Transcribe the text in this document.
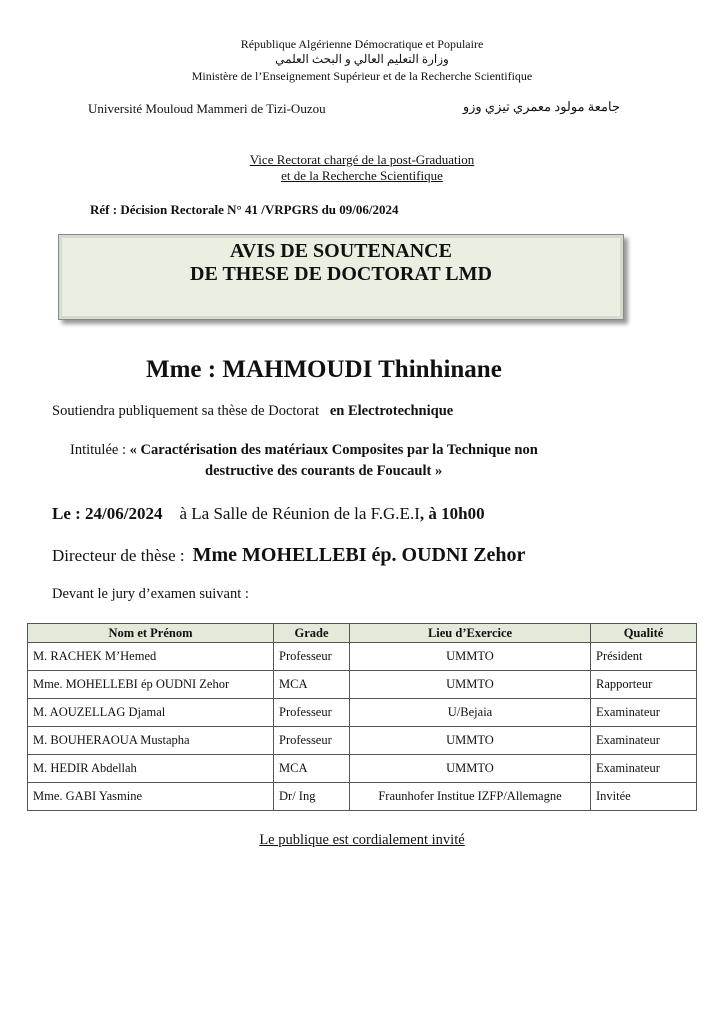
République Algérienne Démocratique et Populaire
وزارة التعليم العالي و البحث العلمي
Ministère de l’Enseignement Supérieur et de la Recherche Scientifique
Université Mouloud Mammeri de Tizi-Ouzou	جامعة مولود معمري تيزي وزو
Vice Rectorat chargé de la post-Graduation
et de la Recherche Scientifique
Réf : Décision Rectorale N° 41 /VRPGRS du 09/06/2024
AVIS DE SOUTENANCE
DE THESE DE DOCTORAT LMD
Mme : MAHMOUDI Thinhinane
Soutiendra publiquement sa thèse de Doctorat en Electrotechnique
Intitulée : « Caractérisation des matériaux Composites par la Technique non
destructive des courants de Foucault »
Le : 24/06/2024 à La Salle de Réunion de la F.G.E.I, à 10h00
Directeur de thèse : Mme MOHELLEBI ép. OUDNI Zehor
Devant le jury d’examen suivant :
Nom et Prénom	Grade	Lieu d’Exercice	Qualité
M. RACHEK M’Hemed	Professeur	UMMTO	Président
Mme. MOHELLEBI ép OUDNI Zehor	MCA	UMMTO	Rapporteur
M. AOUZELLAG Djamal	Professeur	U/Bejaia	Examinateur
M. BOUHERAOUA Mustapha	Professeur	UMMTO	Examinateur
M. HEDIR Abdellah	MCA	UMMTO	Examinateur
Mme. GABI Yasmine	Dr/ Ing	Fraunhofer Institue IZFP/Allemagne	Invitée
Le publique est cordialement invité
